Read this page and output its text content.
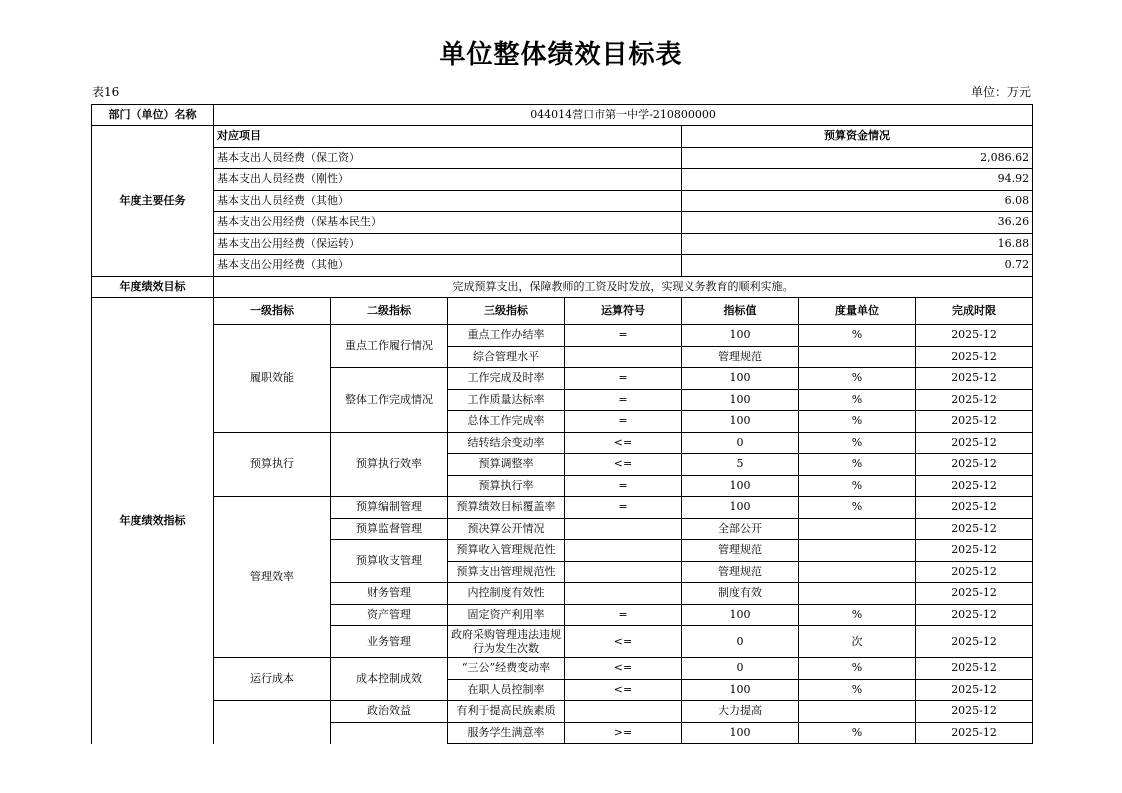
单位整体绩效目标表
表16	单位：万元
部门（单位）名称	044014营口市第一中学-210800000						
年度主要任务	对应项目				预算资金情况		
	基本支出人员经费（保工资）				2,086.62		
	基本支出人员经费（刚性）				94.92		
	基本支出人员经费（其他）				6.08		
	基本支出公用经费（保基本民生）				36.26		
	基本支出公用经费（保运转）				16.88		
	基本支出公用经费（其他）				0.72		
年度绩效目标	完成预算支出，保障教师的工资及时发放，实现义务教育的顺利实施。						
年度绩效指标	一级指标	二级指标	三级指标	运算符号	指标值	度量单位	完成时限
	履职效能	重点工作履行情况	重点工作办结率	=	100	%	2025-12
			综合管理水平		管理规范		2025-12
		整体工作完成情况	工作完成及时率	=	100	%	2025-12
			工作质量达标率	=	100	%	2025-12
			总体工作完成率	=	100	%	2025-12
	预算执行	预算执行效率	结转结余变动率	<=	0	%	2025-12
			预算调整率	<=	5	%	2025-12
			预算执行率	=	100	%	2025-12
	管理效率	预算编制管理	预算绩效目标覆盖率	=	100	%	2025-12
		预算监督管理	预决算公开情况		全部公开		2025-12
		预算收支管理	预算收入管理规范性		管理规范		2025-12
			预算支出管理规范性		管理规范		2025-12
		财务管理	内控制度有效性		制度有效		2025-12
		资产管理	固定资产利用率	=	100	%	2025-12
		业务管理	政府采购管理违法违规行为发生次数	<=	0	次	2025-12
	运行成本	成本控制成效	“三公”经费变动率	<=	0	%	2025-12
			在职人员控制率	<=	100	%	2025-12
		政治效益	有利于提高民族素质		大力提高		2025-12
			服务学生满意率	>=	100	%	2025-12
